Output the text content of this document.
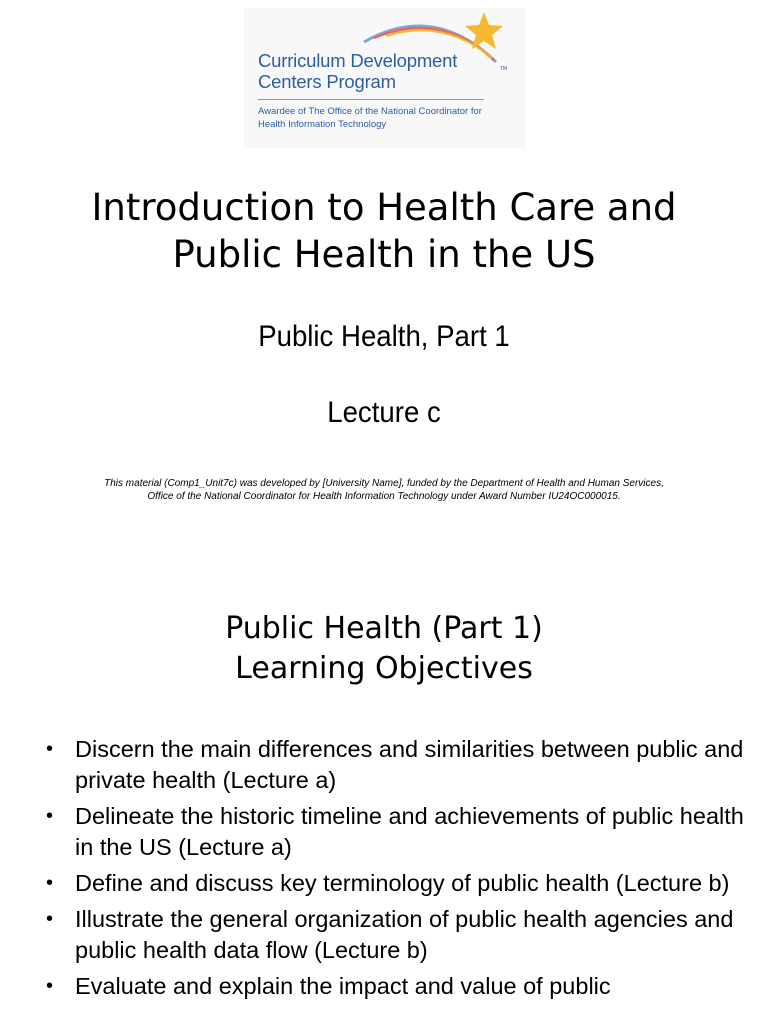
Curriculum Development
Centers Program
TM
Awardee of The Office of the National Coordinator for
Health Information Technology
Introduction to Health Care and
Public Health in the US
Public Health, Part 1
Lecture c
This material (Comp1_Unit7c) was developed by [University Name], funded by the Department of Health and Human Services,
Office of the National Coordinator for Health Information Technology under Award Number IU24OC000015.
Public Health (Part 1)
Learning Objectives
• Discern the main differences and similarities between public and private health (Lecture a)
• Delineate the historic timeline and achievements of public health in the US (Lecture a)
• Define and discuss key terminology of public health (Lecture b)
• Illustrate the general organization of public health agencies and public health data flow (Lecture b)
• Evaluate and explain the impact and value of public
